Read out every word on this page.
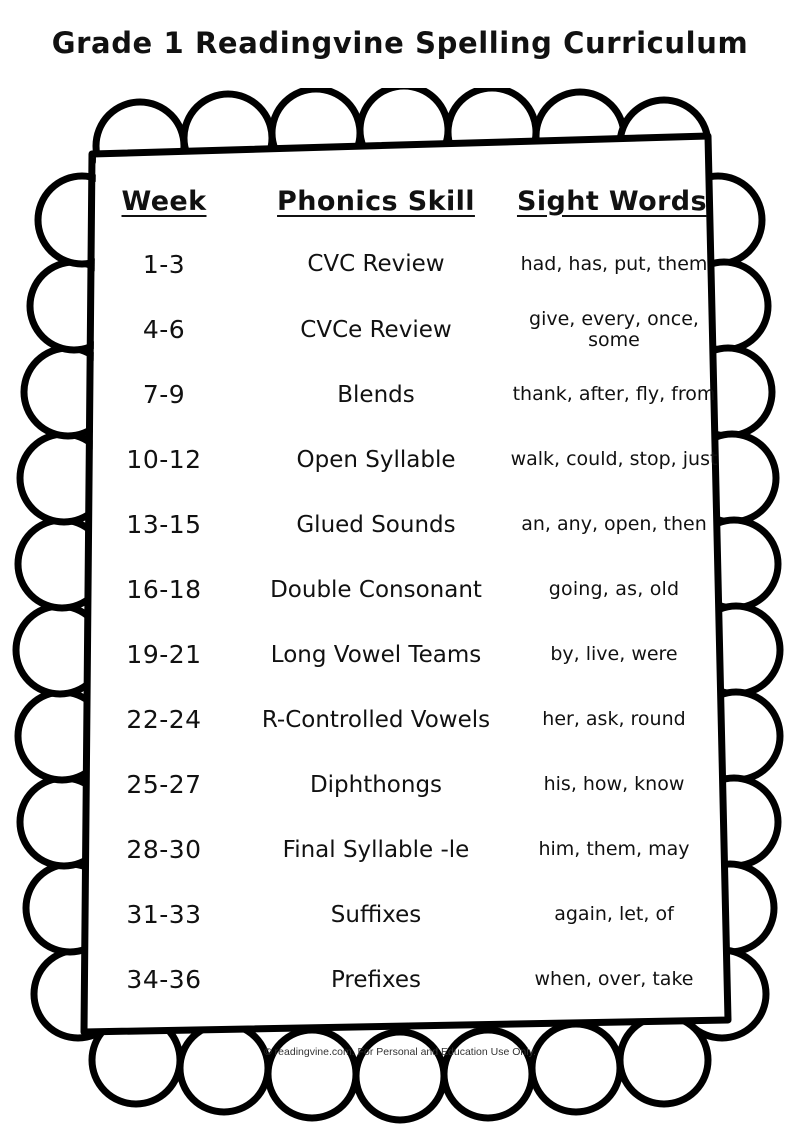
Grade 1 Readingvine Spelling Curriculum
Week	Phonics Skill	Sight Words
1-3	CVC Review	had, has, put, them
4-6	CVCe Review	give, every, once, some
7-9	Blends	thank, after, fly, from
10-12	Open Syllable	walk, could, stop, just
13-15	Glued Sounds	an, any, open, then
16-18	Double Consonant	going, as, old
19-21	Long Vowel Teams	by, live, were
22-24	R-Controlled Vowels	her, ask, round
25-27	Diphthongs	his, how, know
28-30	Final Syllable -le	him, them, may
31-33	Suffixes	again, let, of
34-36	Prefixes	when, over, take
© readingvine.com. For Personal and Education Use Only.
